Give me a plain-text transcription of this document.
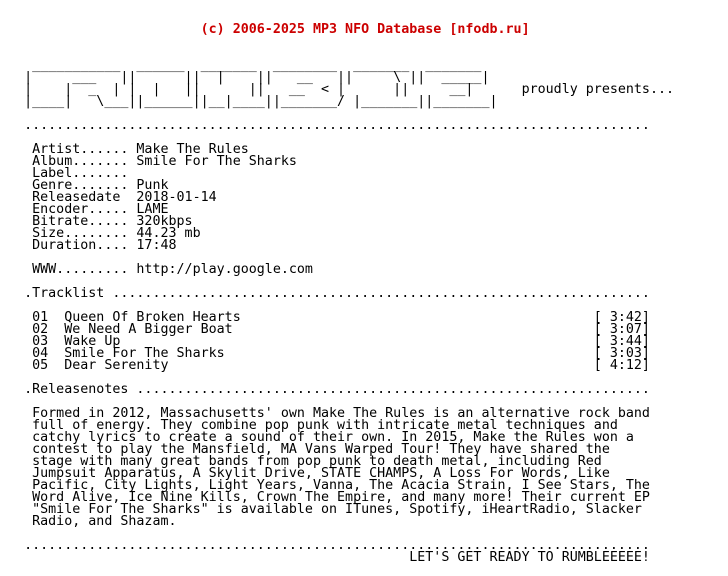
(c) 2006-2025 MP3 NFO Database [nfodb.ru]

___________  ______  _______  ________  _______  _______
|     ___   ||      ||  |    ||   __   ||     \ ||  _____|
|    |  _  | |  |   ||      ||   __  < |      ||     __|      proudly presents...
|____|   \___||______||__|____||_______/ |_______||_______|
..............................................................................
Artist...... Make The Rules
Album....... Smile For The Sharks
Label.......
Genre....... Punk
Releasedate  2018-01-14
Encoder..... LAME
Bitrate..... 320kbps
Size........ 44.23 mb
Duration.... 17:48
WWW......... http://play.google.com
.Tracklist ...................................................................
01  Queen Of Broken Hearts                                            [ 3:42]
02  We Need A Bigger Boat                                             [ 3:07]
03  Wake Up                                                           [ 3:44]
04  Smile For The Sharks                                              [ 3:03]
05  Dear Serenity                                                     [ 4:12]
.Releasenotes ................................................................
Formed in 2012, Massachusetts' own Make The Rules is an alternative rock band
full of energy. They combine pop punk with intricate metal techniques and
catchy lyrics to create a sound of their own. In 2015, Make the Rules won a
contest to play the Mansfield, MA Vans Warped Tour! They have shared the
stage with many great bands from pop punk to death metal, including Red
Jumpsuit Apparatus, A Skylit Drive, STATE CHAMPS, A Loss For Words, Like
Pacific, City Lights, Light Years, Vanna, The Acacia Strain, I See Stars, The
Word Alive, Ice Nine Kills, Crown The Empire, and many more! Their current EP
"Smile For The Sharks" is available on ITunes, Spotify, iHeartRadio, Slacker
Radio, and Shazam.
..............................................................................
LET'S GET READY TO RUMBLEEEEE!
